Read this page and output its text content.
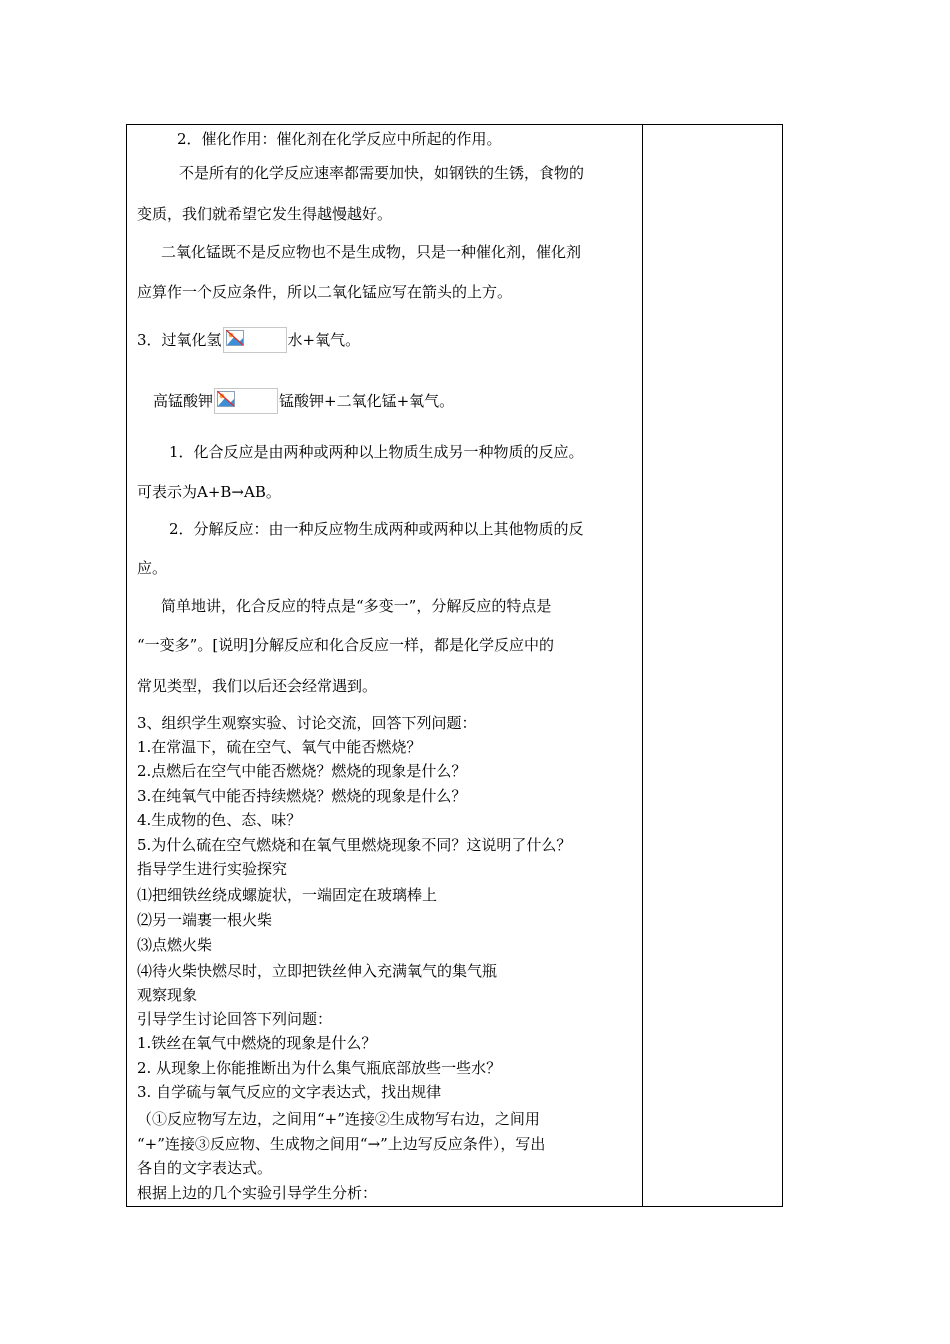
2．催化作用：催化剂在化学反应中所起的作用。
不是所有的化学反应速率都需要加快，如钢铁的生锈，食物的
变质，我们就希望它发生得越慢越好。
二氧化锰既不是反应物也不是生成物，只是一种催化剂，催化剂
应算作一个反应条件，所以二氧化锰应写在箭头的上方。
3．过氧化氢	水+氧气。
高锰酸钾	锰酸钾+二氧化锰+氧气。
1．化合反应是由两种或两种以上物质生成另一种物质的反应。
可表示为A+B→AB。
2．分解反应：由一种反应物生成两种或两种以上其他物质的反
应。
简单地讲，化合反应的特点是“多变一”，分解反应的特点是
“一变多”。[说明]分解反应和化合反应一样，都是化学反应中的
常见类型，我们以后还会经常遇到。
3、组织学生观察实验、讨论交流，回答下列问题：
1.在常温下，硫在空气、氧气中能否燃烧？
2.点燃后在空气中能否燃烧？燃烧的现象是什么？
3.在纯氧气中能否持续燃烧？燃烧的现象是什么？
4.生成物的色、态、味？
5.为什么硫在空气燃烧和在氧气里燃烧现象不同？这说明了什么？
指导学生进行实验探究
⑴把细铁丝绕成螺旋状，一端固定在玻璃棒上
⑵另一端裹一根火柴
⑶点燃火柴
⑷待火柴快燃尽时，立即把铁丝伸入充满氧气的集气瓶
观察现象
引导学生讨论回答下列问题：
1.铁丝在氧气中燃烧的现象是什么？
2. 从现象上你能推断出为什么集气瓶底部放些一些水？
3. 自学硫与氧气反应的文字表达式，找出规律
（①反应物写左边，之间用“+”连接②生成物写右边，之间用
“+”连接③反应物、生成物之间用“→”上边写反应条件），写出
各自的文字表达式。
根据上边的几个实验引导学生分析：
